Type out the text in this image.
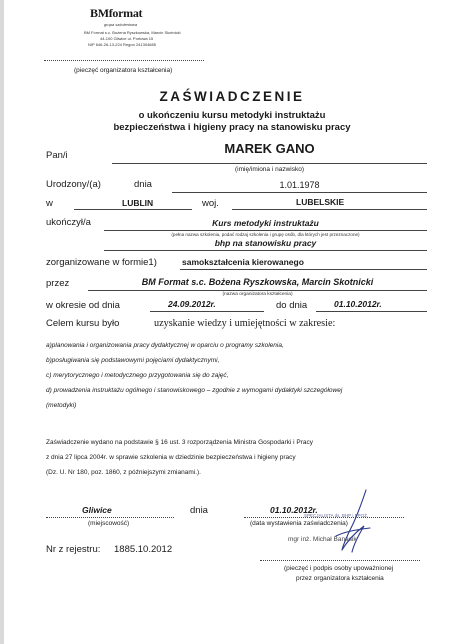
BMformat
grupa szkoleniowa
BM Format s.c. Bożena Ryszkowska, Marcin Skotnicki
44-100 Gliwice ul. Portowa 15
NIP 646-26-13-224 Regon 241304685
(pieczęć organizatora kształcenia)
ZAŚWIADCZENIE
o ukończeniu kursu metodyki instruktażu
bezpieczeństwa i higieny pracy na stanowisku pracy
Pan/i	MAREK GANO
(imię/imiona i nazwisko)
Urodzony/(a)	dnia	1.01.1978
w	LUBLIN	woj.	LUBELSKIE
ukończył/a	Kurs metodyki instruktażu
(pełna nazwa szkolenia, podać rodzaj szkolenia i grupę osób, dla których jest przeznaczone)
bhp na stanowisku pracy
zorganizowane w formie1)	samokształcenia kierowanego
przez	BM Format s.c. Bożena Ryszkowska, Marcin Skotnicki
(nazwa organizatora kształcenia)
w okresie od dnia	24.09.2012r.	do dnia	01.10.2012r.
Celem kursu było	uzyskanie wiedzy i umiejętności w zakresie:
a)planowania i organizowania pracy dydaktycznej w oparciu o programy szkolenia,
b)posługiwania się podstawowymi pojęciami dydaktycznymi,
c) merytorycznego i metodycznego przygotowania się do zajęć,
d) prowadzenia instruktażu ogólnego i stanowiskowego – zgodnie z wymogami dydaktyki szczegółowej
(metodyki)
Zaświadczenie wydano na podstawie § 16 ust. 3 rozporządzenia Ministra Gospodarki i Pracy
z dnia 27 lipca 2004r. w sprawie szkolenia w dziedzinie bezpieczeństwa i higieny pracy
(Dz. U. Nr 180, poz. 1860, z późniejszymi zmianami.).
Gliwice
(miejscowość)
dnia	01.10.2012r.
(data wystawienia zaświadczenia)
Nr z rejestru: 1885.10.2012
SPECJALISTA ds. BHP i PPOŻ.
mgr inż. Michał Banasik
(pieczęć i podpis osoby upoważnionej
przez organizatora kształcenia
